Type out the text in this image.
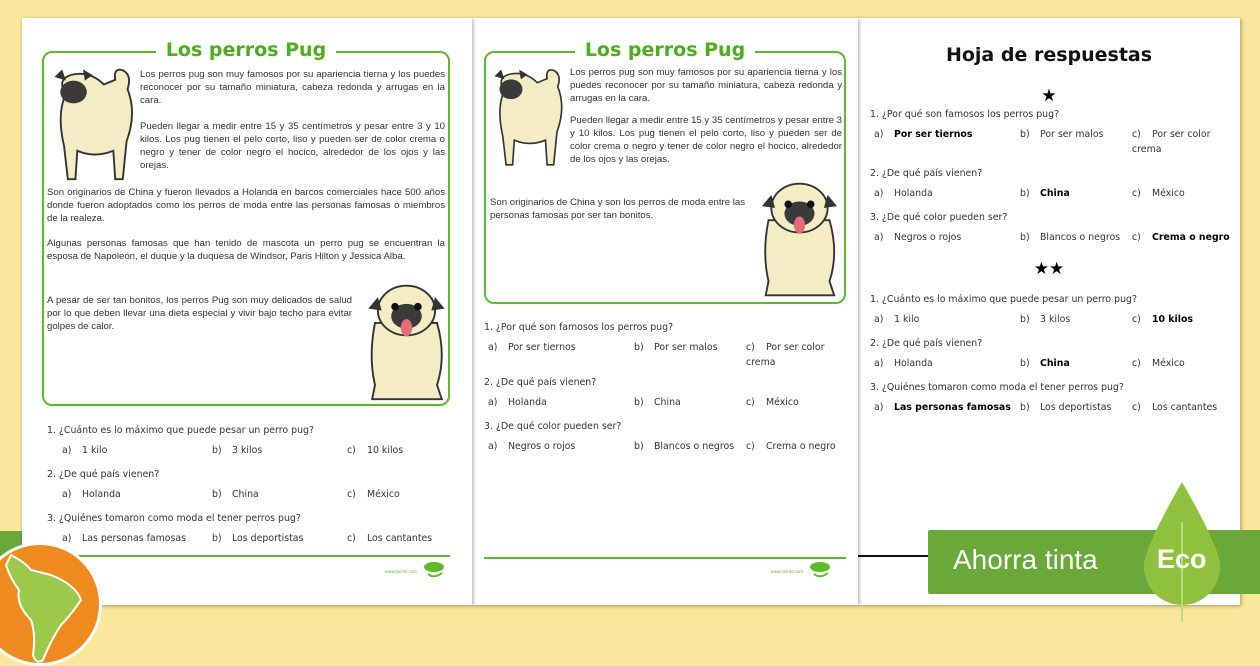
Los perros Pug
Los perros pug son muy famosos por su apariencia tierna y los puedes reconocer por su tamaño miniatura, cabeza redonda y arrugas en la cara.
Pueden llegar a medir entre 15 y 35 centímetros y pesar entre 3 y 10 kilos. Los pug tienen el pelo corto, liso y pueden ser de color crema o negro y tener de color negro el hocico, alrededor de los ojos y las orejas.
Son originarios de China y fueron llevados a Holanda en barcos comerciales hace 500 años donde fueron adoptados como los perros de moda entre las personas famosas o miembros de la realeza.
Algunas personas famosas que han tenido de mascota un perro pug se encuentran la esposa de Napoleón, el duque y la duquesa de Windsor, Paris Hilton y Jessica Alba.
A pesar de ser tan bonitos, los perros Pug son muy delicados de salud por lo que deben llevar una dieta especial y vivir bajo techo para evitar golpes de calor.
1. ¿Cuánto es lo máximo que puede pesar un perro pug?
a) 1 kilo	b) 3 kilos	c) 10 kilos
2. ¿De qué país vienen?
a) Holanda	b) China	c) México
3. ¿Quiénes tomaron como moda el tener perros pug?
a) Las personas famosas	b) Los deportistas	c) Los cantantes
www.twinkl.com
Los perros Pug
Los perros pug son muy famosos por su apariencia tierna y los puedes reconocer por su tamaño miniatura, cabeza redonda y arrugas en la cara.
Pueden llegar a medir entre 15 y 35 centímetros y pesar entre 3 y 10 kilos. Los pug tienen el pelo corto, liso y pueden ser de color crema o negro y tener de color negro el hocico, alrededor de los ojos y las orejas.
Son originarios de China y son los perros de moda entre las personas famosas por ser tan bonitos.
1. ¿Por qué son famosos los perros pug?
a) Por ser tiernos	b) Por ser malos	c) Por ser color crema
2. ¿De qué país vienen?
a) Holanda	b) China	c) México
3. ¿De qué color pueden ser?
a) Negros o rojos	b) Blancos o negros c) Crema o negro
www.twinkl.com
Hoja de respuestas
★
★★
1. ¿Por qué son famosos los perros pug?
a) Por ser tiernos	b) Por ser malos	c) Por ser color crema
2. ¿De qué país vienen?
a) Holanda	b) China	c) México
3. ¿De qué color pueden ser?
a) Negros o rojos	b) Blancos o negros c) Crema o negro
1. ¿Cuánto es lo máximo que puede pesar un perro pug?
a) 1 kilo	b) 3 kilos	c) 10 kilos
2. ¿De qué país vienen?
a) Holanda	b) China	c) México
3. ¿Quiénes tomaron como moda el tener perros pug?
a) Las personas famosas b) Los deportistas c) Los cantantes
Ahorra tinta Eco
